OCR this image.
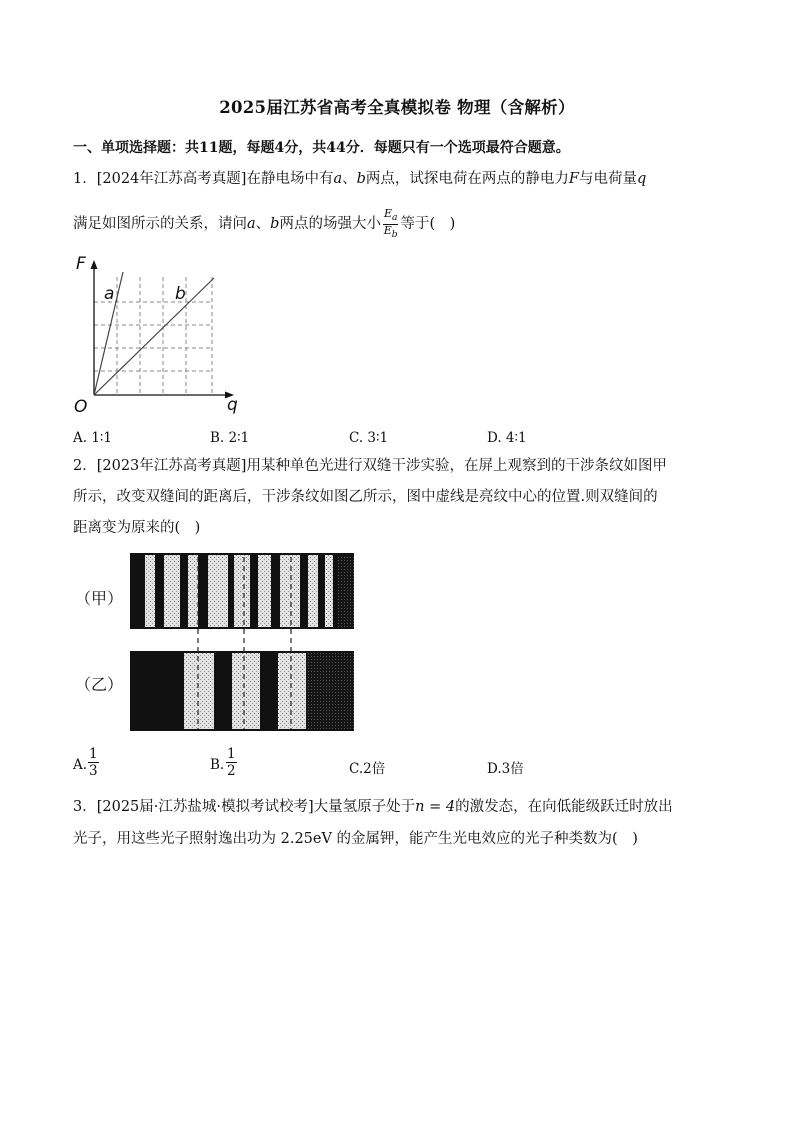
2025届江苏省高考全真模拟卷 物理（含解析）
一、单项选择题：共11题，每题4分，共44分．每题只有一个选项最符合题意。
1．[2024年江苏高考真题]在静电场中有a、b两点，试探电荷在两点的静电力F与电荷量q
满足如图所示的关系，请问a、b两点的场强大小 $\frac{E_a}{E_b}$ 等于(　)
F
q
O
a	b
A. 1∶1	B. 2∶1	C. 3∶1	D. 4∶1
2．[2023年江苏高考真题]用某种单色光进行双缝干涉实验，在屏上观察到的干涉条纹如图甲
所示，改变双缝间的距离后，干涉条纹如图乙所示，图中虚线是亮纹中心的位置.则双缝间的
距离变为原来的(　)
（甲）
（乙）
A.
1
3	B.
1
2	C.2倍	D.3倍
3．[2025届·江苏盐城·模拟考试校考]大量氢原子处于n = 4的激发态，在向低能级跃迁时放出
光子，用这些光子照射逸出功为 2.25eV 的金属钾，能产生光电效应的光子种类数为(　)
